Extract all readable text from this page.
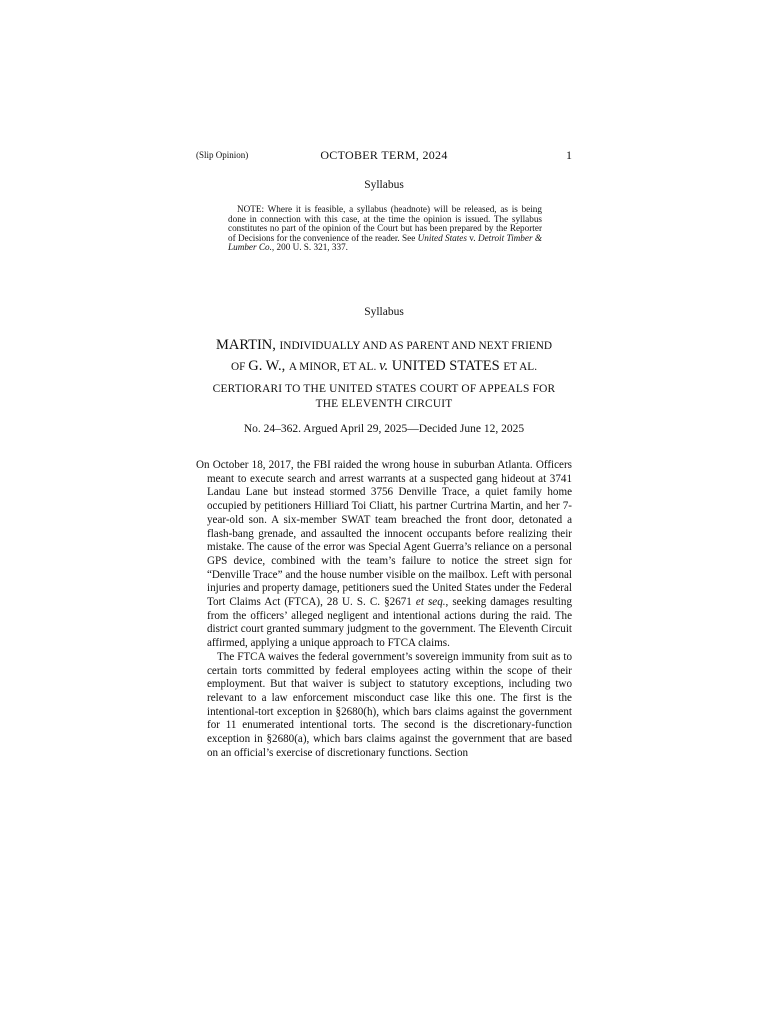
(Slip Opinion)	OCTOBER TERM, 2024	1
Syllabus

NOTE: Where it is feasible, a syllabus (headnote) will be released, as is being done in connection with this case, at the time the opinion is issued. The syllabus constitutes no part of the opinion of the Court but has been prepared by the Reporter of Decisions for the convenience of the reader. See United States v. Detroit Timber & Lumber Co., 200 U. S. 321, 337.

Syllabus
MARTIN, INDIVIDUALLY AND AS PARENT AND NEXT FRIEND
OF G. W., A MINOR, ET AL. v. UNITED STATES ET AL.
CERTIORARI TO THE UNITED STATES COURT OF APPEALS FOR
THE ELEVENTH CIRCUIT
No. 24–362. Argued April 29, 2025—Decided June 12, 2025

On October 18, 2017, the FBI raided the wrong house in suburban Atlanta. Officers meant to execute search and arrest warrants at a suspected gang hideout at 3741 Landau Lane but instead stormed 3756 Denville Trace, a quiet family home occupied by petitioners Hilliard Toi Cliatt, his partner Curtrina Martin, and her 7-year-old son. A six-member SWAT team breached the front door, detonated a flash-bang grenade, and assaulted the innocent occupants before realizing their mistake. The cause of the error was Special Agent Guerra’s reliance on a personal GPS device, combined with the team’s failure to notice the street sign for “Denville Trace” and the house number visible on the mailbox. Left with personal injuries and property damage, petitioners sued the United States under the Federal Tort Claims Act (FTCA), 28 U. S. C. §2671 et seq., seeking damages resulting from the officers’ alleged negligent and intentional actions during the raid. The district court granted summary judgment to the government. The Eleventh Circuit affirmed, applying a unique approach to FTCA claims.

The FTCA waives the federal government’s sovereign immunity from suit as to certain torts committed by federal employees acting within the scope of their employment. But that waiver is subject to statutory exceptions, including two relevant to a law enforcement misconduct case like this one. The first is the intentional-tort exception in §2680(h), which bars claims against the government for 11 enumerated intentional torts. The second is the discretionary-function exception in §2680(a), which bars claims against the government that are based on an official’s exercise of discretionary functions. Section
